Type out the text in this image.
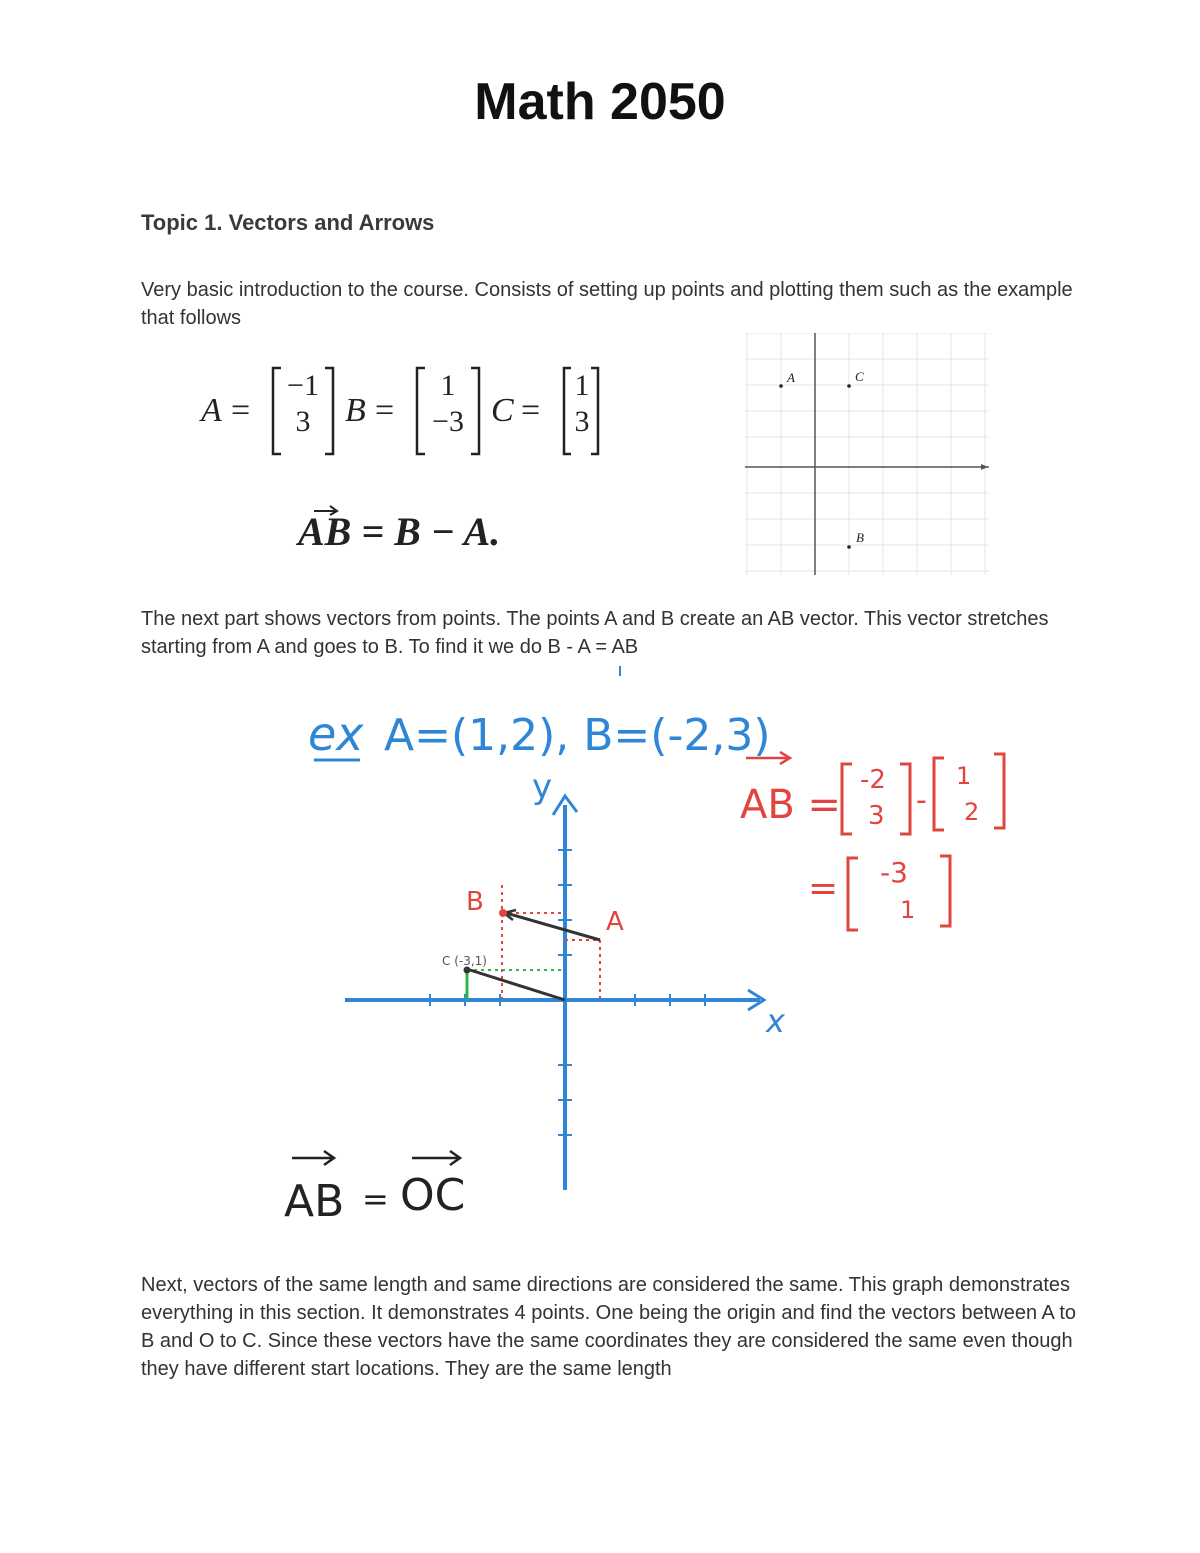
Math 2050
Topic 1. Vectors and Arrows
Very basic introduction to the course. Consists of setting up points and plotting them such as the example that follows
A =
−1
3	B =
1
−3 C =
1
3
AB = B − A.
A	C
B
The next part shows vectors from points. The points A and B create an AB vector. This vector stretches starting from A and goes to B. To find it we do B - A = AB
ex A=(1,2), B=(-2,3)
y
x
A
B
C (-3,1)
AB =
-2
3 -
1
2
= -3
1
AB = OC
Next, vectors of the same length and same directions are considered the same. This graph demonstrates everything in this section. It demonstrates 4 points. One being the origin and find the vectors between A to B and O to C. Since these vectors have the same coordinates they are considered the same even though they have different start locations. They are the same length
